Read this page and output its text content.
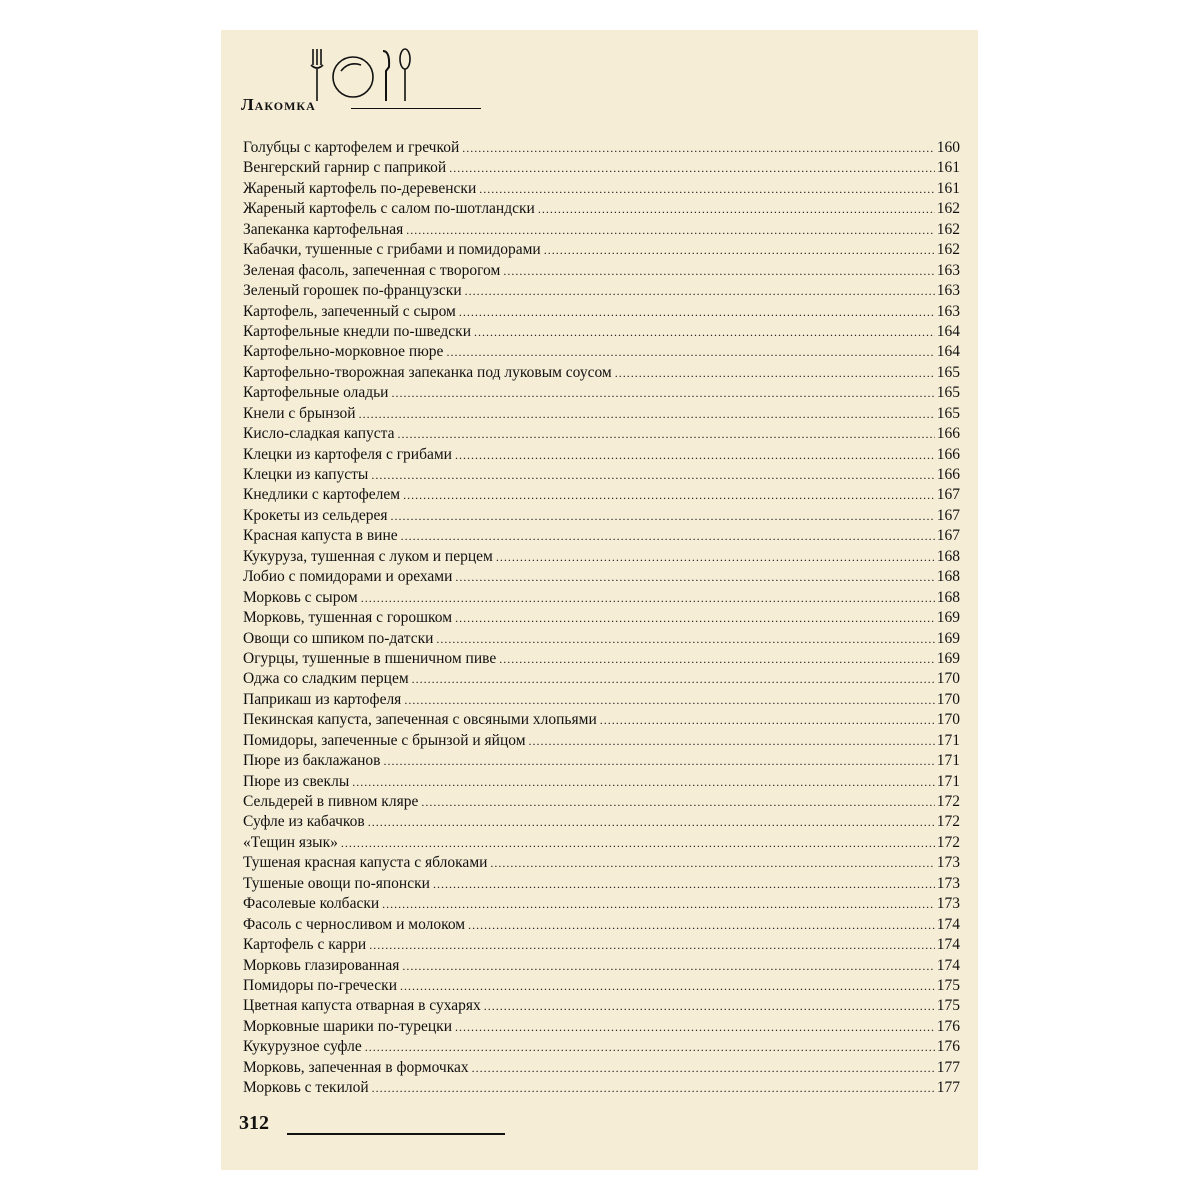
Лакомка
Голубцы с картофелем и гречкой .....	160
Венгерский гарнир с паприкой .....	161
Жареный картофель по-деревенски .....	161
Жареный картофель с салом по-шотландски .....	162
Запеканка картофельная .....	162
Кабачки, тушенные с грибами и помидорами .....	162
Зеленая фасоль, запеченная с творогом .....	163
Зеленый горошек по-французски .....	163
Картофель, запеченный с сыром .....	163
Картофельные кнедли по-шведски .....	164
Картофельно-морковное пюре .....	164
Картофельно-творожная запеканка под луковым соусом .....	165
Картофельные оладьи .....	165
Кнели с брынзой .....	165
Кисло-сладкая капуста .....	166
Клецки из картофеля с грибами .....	166
Клецки из капусты .....	166
Кнедлики с картофелем .....	167
Крокеты из сельдерея .....	167
Красная капуста в вине .....	167
Кукуруза, тушенная с луком и перцем .....	168
Лобио с помидорами и орехами .....	168
Морковь с сыром .....	168
Морковь, тушенная с горошком .....	169
Овощи со шпиком по-датски .....	169
Огурцы, тушенные в пшеничном пиве .....	169
Оджа со сладким перцем .....	170
Паприкаш из картофеля .....	170
Пекинская капуста, запеченная с овсяными хлопьями .....	170
Помидоры, запеченные с брынзой и яйцом .....	171
Пюре из баклажанов .....	171
Пюре из свеклы .....	171
Сельдерей в пивном кляре .....	172
Суфле из кабачков .....	172
«Тещин язык» .....	172
Тушеная красная капуста с яблоками .....	173
Тушеные овощи по-японски .....	173
Фасолевые колбаски .....	173
Фасоль с черносливом и молоком .....	174
Картофель с карри .....	174
Морковь глазированная .....	174
Помидоры по-гречески .....	175
Цветная капуста отварная в сухарях .....	175
Морковные шарики по-турецки .....	176
Кукурузное суфле .....	176
Морковь, запеченная в формочках .....	177
Морковь с текилой .....	177
312
